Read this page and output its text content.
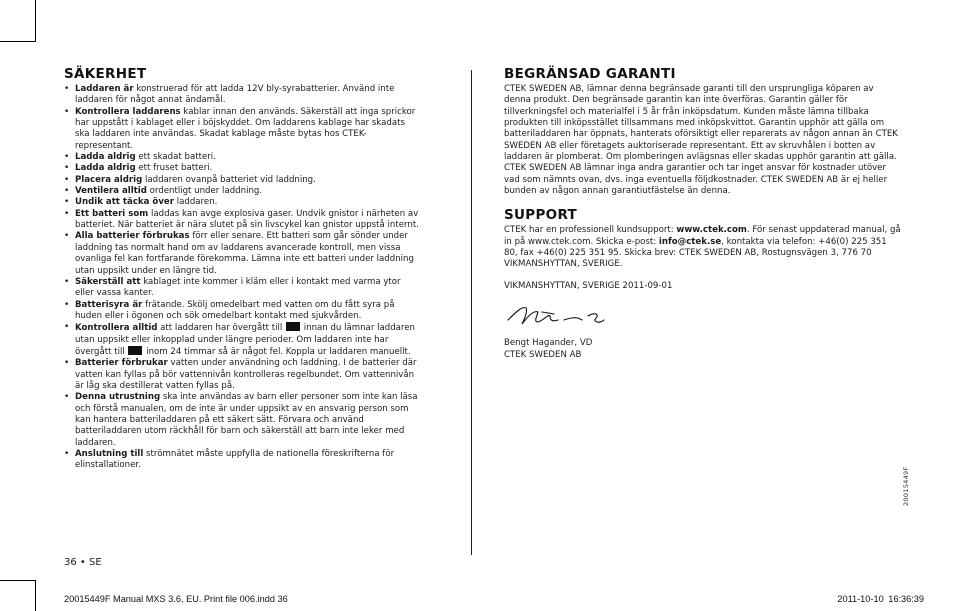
SÄKERHET
• Laddaren är konstruerad för att ladda 12V bly-syrabatterier. Använd inte laddaren för något annat ändamål.
• Kontrollera laddarens kablar innan den används. Säkerställ att inga sprickor har uppstått i kablaget eller i böjskyddet. Om laddarens kablage har skadats ska laddaren inte användas. Skadat kablage måste bytas hos CTEK-representant.
• Ladda aldrig ett skadat batteri.
• Ladda aldrig ett fruset batteri.
• Placera aldrig laddaren ovanpå batteriet vid laddning.
• Ventilera alltid ordentligt under laddning.
• Undik att täcka över laddaren.
• Ett batteri som laddas kan avge explosiva gaser. Undvik gnistor i närheten av batteriet. När batteriet är nära slutet på sin livscykel kan gnistor uppstå internt.
• Alla batterier förbrukas förr eller senare. Ett batteri som går sönder under laddning tas normalt hand om av laddarens avancerade kontroll, men vissa ovanliga fel kan fortfarande förekomma. Lämna inte ett batteri under laddning utan uppsikt under en längre tid.
• Säkerställ att kablaget inte kommer i kläm eller i kontakt med varma ytor eller vassa kanter.
• Batterisyra är frätande. Skölj omedelbart med vatten om du fått syra på huden eller i ögonen och sök omedelbart kontakt med sjukvården.
• Kontrollera alltid att laddaren har övergått till  innan du lämnar laddaren utan uppsikt eller inkopplad under längre perioder. Om laddaren inte har övergått till  inom 24 timmar så är något fel. Koppla ur laddaren manuellt.
• Batterier förbrukar vatten under användning och laddning. I de batterier där vatten kan fyllas på bör vattennivån kontrolleras regelbundet. Om vattennivån är låg ska destillerat vatten fyllas på.
• Denna utrustning ska inte användas av barn eller personer som inte kan läsa och förstå manualen, om de inte är under uppsikt av en ansvarig person som kan hantera batteriladdaren på ett säkert sätt. Förvara och använd batteriladdaren utom räckhåll för barn och säkerställ att barn inte leker med laddaren.
• Anslutning till strömnätet måste uppfylla de nationella föreskrifterna för elinstallationer.
BEGRÄNSAD GARANTI

CTEK SWEDEN AB, lämnar denna begränsade garanti till den ursprungliga köparen av denna produkt. Den begränsade garantin kan inte överföras. Garantin gäller för tillverkningsfel och materialfel i 5 år från inköpsdatum. Kunden måste lämna tillbaka produkten till inköpsstället tillsammans med inköpskvittot. Garantin upphör att gälla om batteriladdaren har öppnats, hanterats oförsiktigt eller reparerats av någon annan än CTEK SWEDEN AB eller företagets auktoriserade representant. Ett av skruvhålen i botten av laddaren är plomberat. Om plomberingen avlägsnas eller skadas upphör garantin att gälla. CTEK SWEDEN AB lämnar inga andra garantier och tar inget ansvar för kostnader utöver vad som nämnts ovan, dvs. inga eventuella följdkostnader. CTEK SWEDEN AB är ej heller bunden av någon annan garantiutfästelse än denna.

SUPPORT

CTEK har en professionell kundsupport: www.ctek.com. För senast uppdaterad manual, gå in på www.ctek.com. Skicka e-post: info@ctek.se, kontakta via telefon: +46(0) 225 351 80, fax +46(0) 225 351 95. Skicka brev: CTEK SWEDEN AB, Rostugnsvägen 3, 776 70 VIKMANSHYTTAN, SVERIGE.

VIKMANSHYTTAN, SVERIGE 2011-09-01

Bengt Hagander, VD

CTEK SWEDEN AB

36 • SE
20015449F
20015449F Manual MXS 3.6, EU. Print file 006.indd 36	2011-10-10 16:36:39
